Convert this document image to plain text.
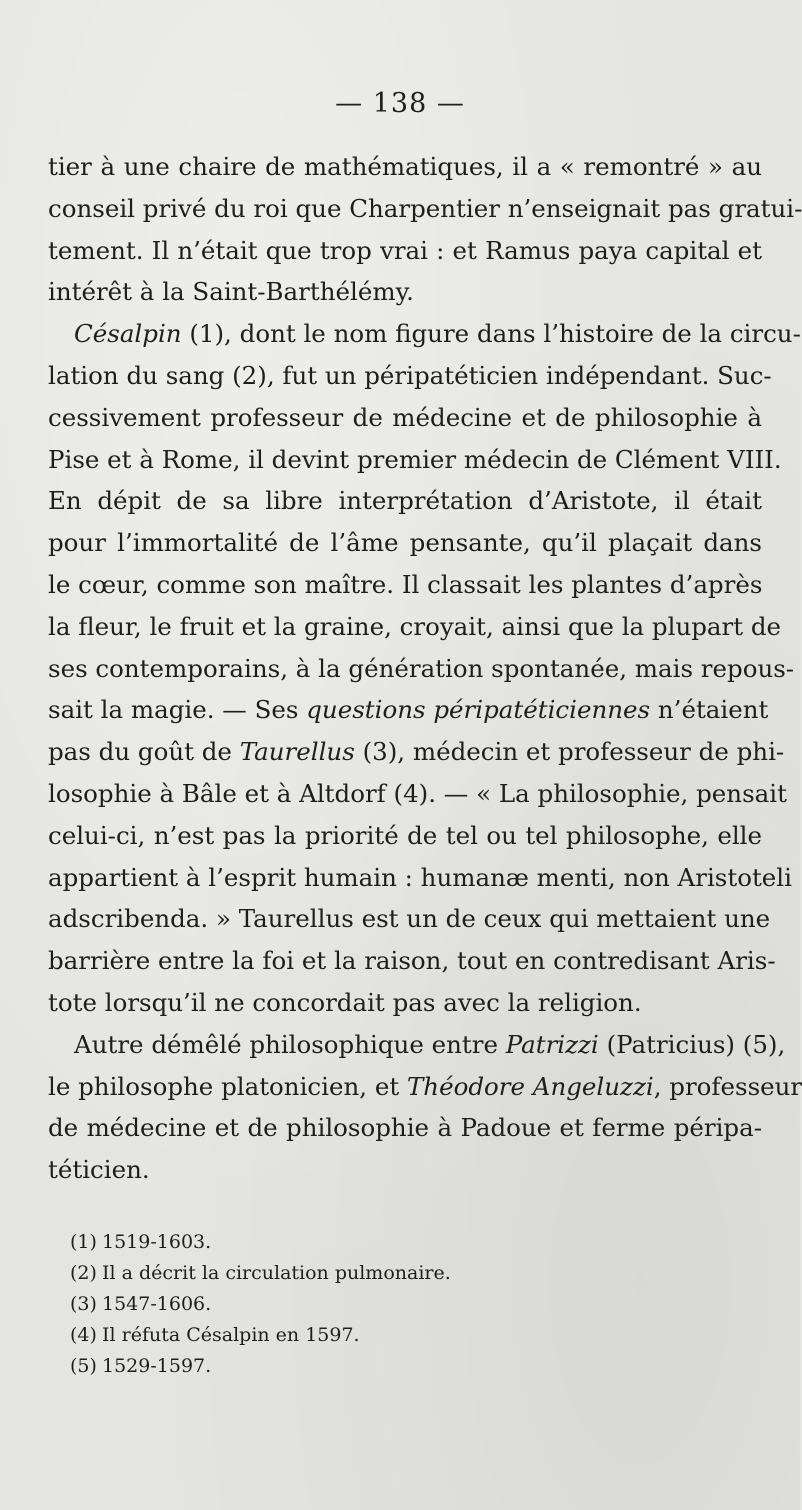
— 138 —
tier à une chaire de mathématiques, il a « remontré » au
conseil privé du roi que Charpentier n’enseignait pas gratui-
tement. Il n’était que trop vrai : et Ramus paya capital et
intérêt à la Saint-Barthélémy.
Césalpin (1), dont le nom figure dans l’histoire de la circu-
lation du sang (2), fut un péripatéticien indépendant. Suc-
cessivement professeur de médecine et de philosophie à
Pise et à Rome, il devint premier médecin de Clément VIII.
En dépit de sa libre interprétation d’Aristote, il était
pour l’immortalité de l’âme pensante, qu’il plaçait dans
le cœur, comme son maître. Il classait les plantes d’après
la fleur, le fruit et la graine, croyait, ainsi que la plupart de
ses contemporains, à la génération spontanée, mais repous-
sait la magie. — Ses questions péripatéticiennes n’étaient
pas du goût de Taurellus (3), médecin et professeur de phi-
losophie à Bâle et à Altdorf (4). — « La philosophie, pensait
celui-ci, n’est pas la priorité de tel ou tel philosophe, elle
appartient à l’esprit humain : humanæ menti, non Aristoteli
adscribenda. » Taurellus est un de ceux qui mettaient une
barrière entre la foi et la raison, tout en contredisant Aris-
tote lorsqu’il ne concordait pas avec la religion.
Autre démêlé philosophique entre Patrizzi (Patricius) (5),
le philosophe platonicien, et Théodore Angeluzzi, professeur
de médecine et de philosophie à Padoue et ferme péripa-
téticien.
(1) 1519-1603.
(2) Il a décrit la circulation pulmonaire.
(3) 1547-1606.
(4) Il réfuta Césalpin en 1597.
(5) 1529-1597.
